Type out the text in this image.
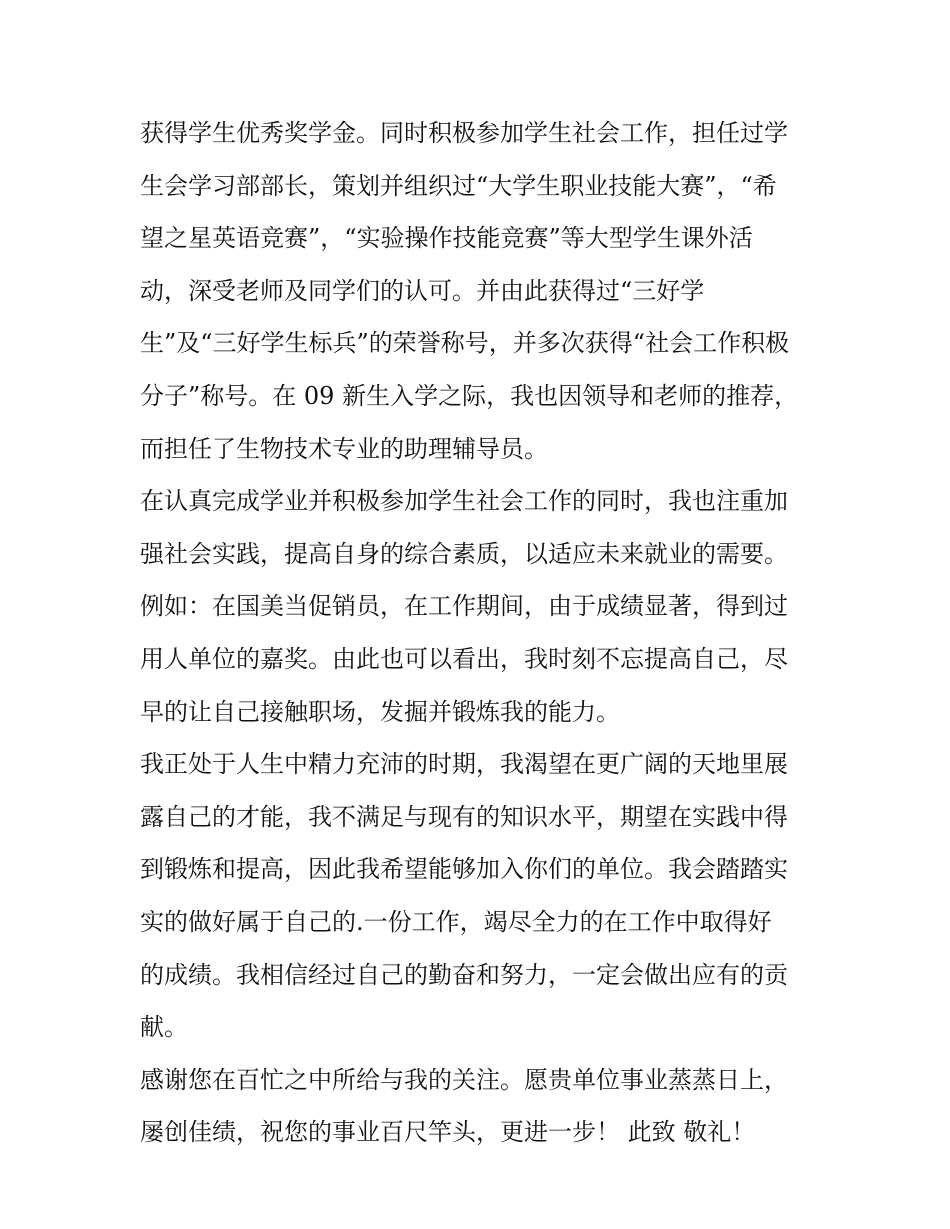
获得学生优秀奖学金。同时积极参加学生社会工作，担任过学
生会学习部部长，策划并组织过“大学生职业技能大赛”，“希
望之星英语竞赛”，“实验操作技能竞赛”等大型学生课外活
动，深受老师及同学们的认可。并由此获得过“三好学
生”及“三好学生标兵”的荣誉称号，并多次获得“社会工作积极
分子”称号。在 09 新生入学之际，我也因领导和老师的推荐，
而担任了生物技术专业的助理辅导员。
在认真完成学业并积极参加学生社会工作的同时，我也注重加
强社会实践，提高自身的综合素质，以适应未来就业的需要。
例如：在国美当促销员，在工作期间，由于成绩显著，得到过
用人单位的嘉奖。由此也可以看出，我时刻不忘提高自己，尽
早的让自己接触职场，发掘并锻炼我的能力。
我正处于人生中精力充沛的时期，我渴望在更广阔的天地里展
露自己的才能，我不满足与现有的知识水平，期望在实践中得
到锻炼和提高，因此我希望能够加入你们的单位。我会踏踏实
实的做好属于自己的.一份工作，竭尽全力的在工作中取得好
的成绩。我相信经过自己的勤奋和努力，一定会做出应有的贡
献。
感谢您在百忙之中所给与我的关注。愿贵单位事业蒸蒸日上，
屡创佳绩，祝您的事业百尺竿头，更进一步！ 此致 敬礼！
